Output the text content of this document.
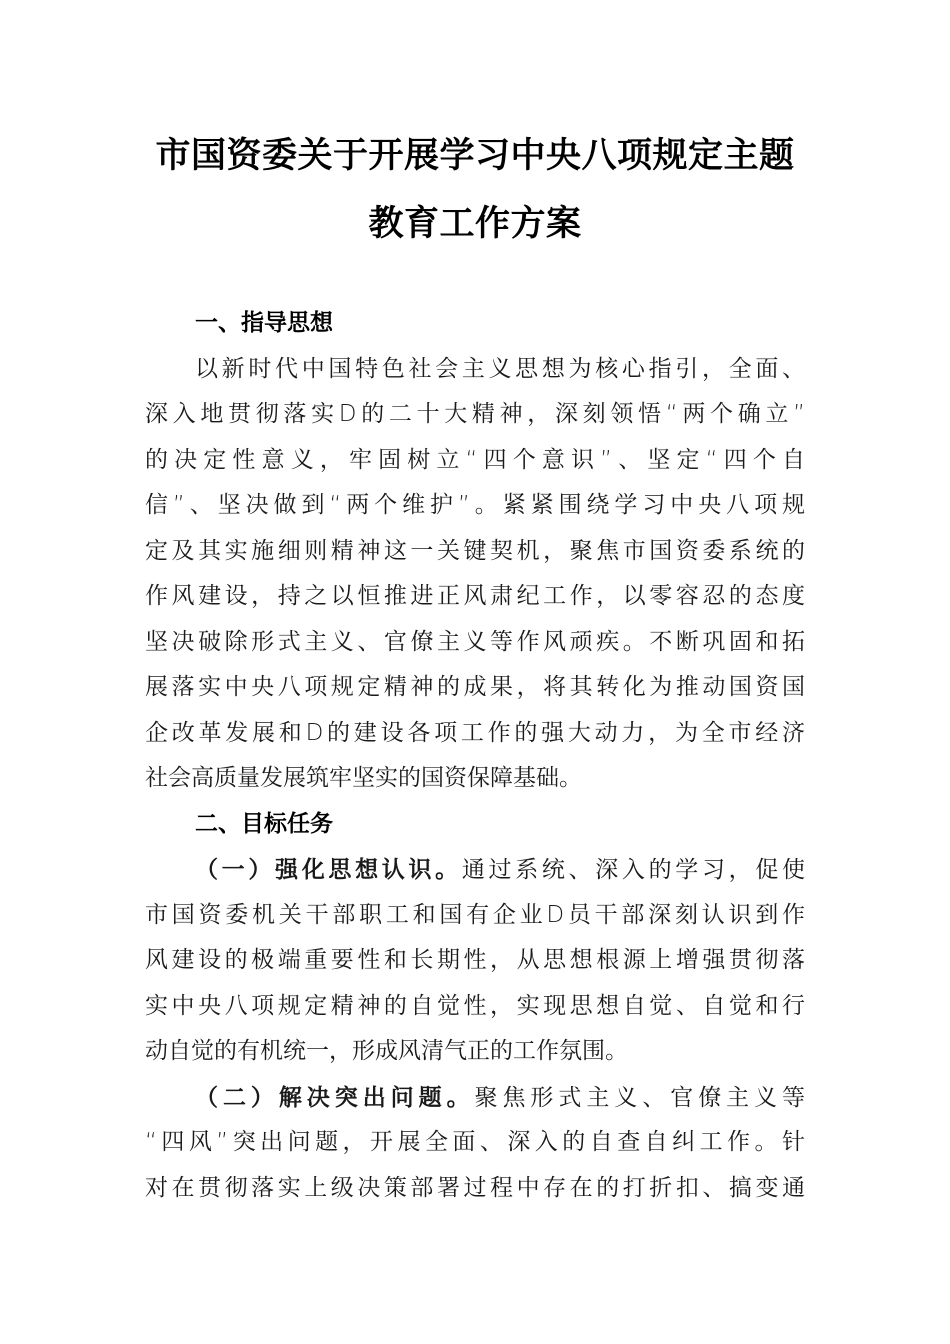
市国资委关于开展学习中央八项规定主题
教育工作方案
一、指导思想
以新时代中国特色社会主义思想为核心指引，全面、
深入地贯彻落实D的二十大精神，深刻领悟“两个确立”
的决定性意义，牢固树立“四个意识”、坚定“四个自
信”、坚决做到“两个维护”。紧紧围绕学习中央八项规
定及其实施细则精神这一关键契机，聚焦市国资委系统的
作风建设，持之以恒推进正风肃纪工作，以零容忍的态度
坚决破除形式主义、官僚主义等作风顽疾。不断巩固和拓
展落实中央八项规定精神的成果，将其转化为推动国资国
企改革发展和D的建设各项工作的强大动力，为全市经济
社会高质量发展筑牢坚实的国资保障基础。
二、目标任务
（一）强化思想认识。通过系统、深入的学习，促使
市国资委机关干部职工和国有企业D员干部深刻认识到作
风建设的极端重要性和长期性，从思想根源上增强贯彻落
实中央八项规定精神的自觉性，实现思想自觉、自觉和行
动自觉的有机统一，形成风清气正的工作氛围。
（二）解决突出问题。聚焦形式主义、官僚主义等
“四风”突出问题，开展全面、深入的自查自纠工作。针
对在贯彻落实上级决策部署过程中存在的打折扣、搞变通
